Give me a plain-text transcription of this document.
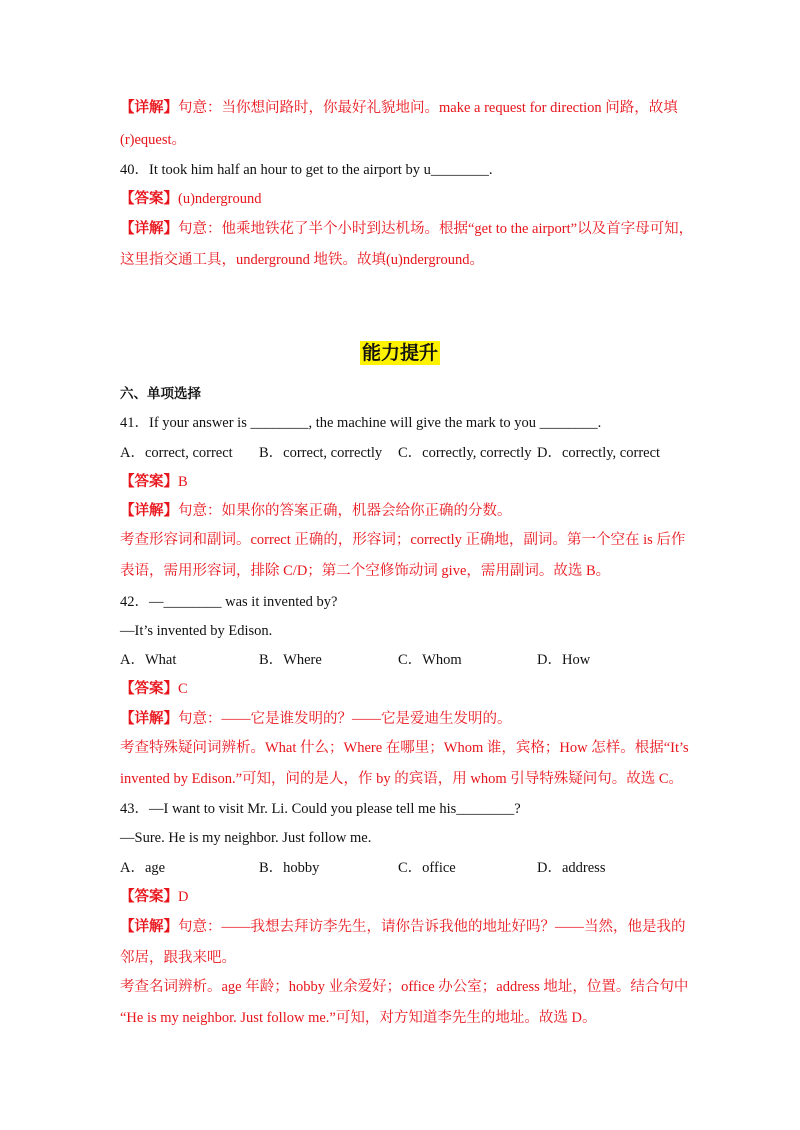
【详解】句意：当你想问路时，你最好礼貌地问。make a request for direction 问路，故填
(r)equest。
40．It took him half an hour to get to the airport by u________.
【答案】(u)nderground
【详解】句意：他乘地铁花了半个小时到达机场。根据“get to the airport”以及首字母可知，
这里指交通工具，underground 地铁。故填(u)nderground。
能力提升
六、单项选择
41．If your answer is ________, the machine will give the mark to you ________.
A．correct, correct B．correct, correctly C．correctly, correctly D．correctly, correct
【答案】B
【详解】句意：如果你的答案正确，机器会给你正确的分数。
考查形容词和副词。correct 正确的，形容词；correctly 正确地，副词。第一个空在 is 后作
表语，需用形容词，排除 C/D；第二个空修饰动词 give，需用副词。故选 B。
42．—________ was it invented by?
—It’s invented by Edison.
A．What	B．Where	C．Whom	D．How
【答案】C
【详解】句意：——它是谁发明的？——它是爱迪生发明的。
考查特殊疑问词辨析。What 什么；Where 在哪里；Whom 谁，宾格；How 怎样。根据“It’s
invented by Edison.”可知，问的是人，作 by 的宾语，用 whom 引导特殊疑问句。故选 C。
43．—I want to visit Mr. Li. Could you please tell me his________?
—Sure. He is my neighbor. Just follow me.
A．age	B．hobby	C．office	D．address
【答案】D
【详解】句意：——我想去拜访李先生，请你告诉我他的地址好吗？——当然，他是我的
邻居，跟我来吧。
考查名词辨析。age 年龄；hobby 业余爱好；office 办公室；address 地址，位置。结合句中
“He is my neighbor. Just follow me.”可知，对方知道李先生的地址。故选 D。
